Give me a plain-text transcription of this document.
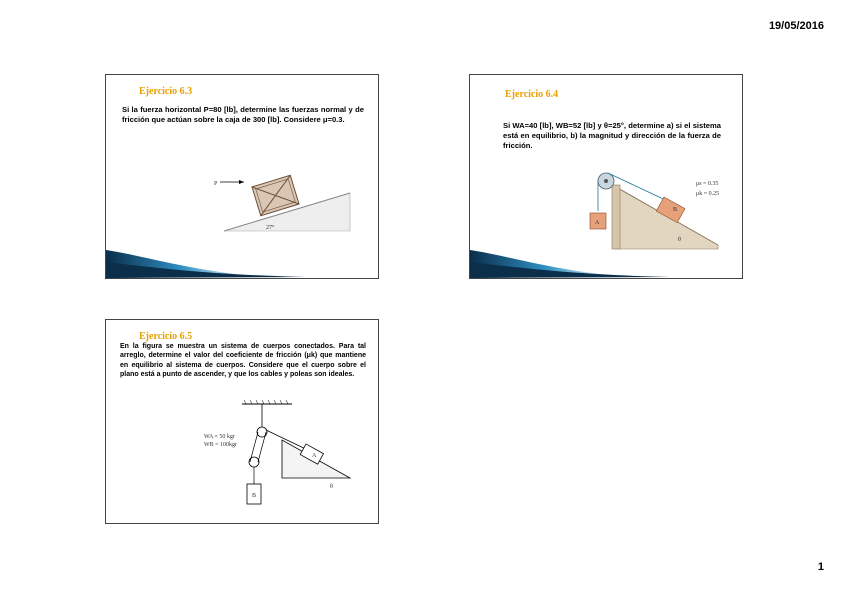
19/05/2016
Ejercicio 6.3
Si la fuerza horizontal P=80 [lb], determine las fuerzas normal y de fricción que actúan sobre la caja de 300 [lb]. Considere μ=0.3.
P
27°
Ejercicio 6.4
Si WA=40 [lb], WB=52 [lb] y θ=25°, determine a) si el sistema está en equilibrio, b) la magnitud y dirección de la fuerza de fricción.
A
B
μs = 0.35
μk = 0.25
θ
Ejercicio 6.5
En la figura se muestra un sistema de cuerpos conectados. Para tal arreglo, determine el valor del coeficiente de fricción (μk) que mantiene en equilibrio al sistema de cuerpos. Considere que el cuerpo sobre el plano está a punto de ascender, y que los cables y poleas son ideales.
WA = 50 kgr
WB = 100kgr
A
B
θ
1
